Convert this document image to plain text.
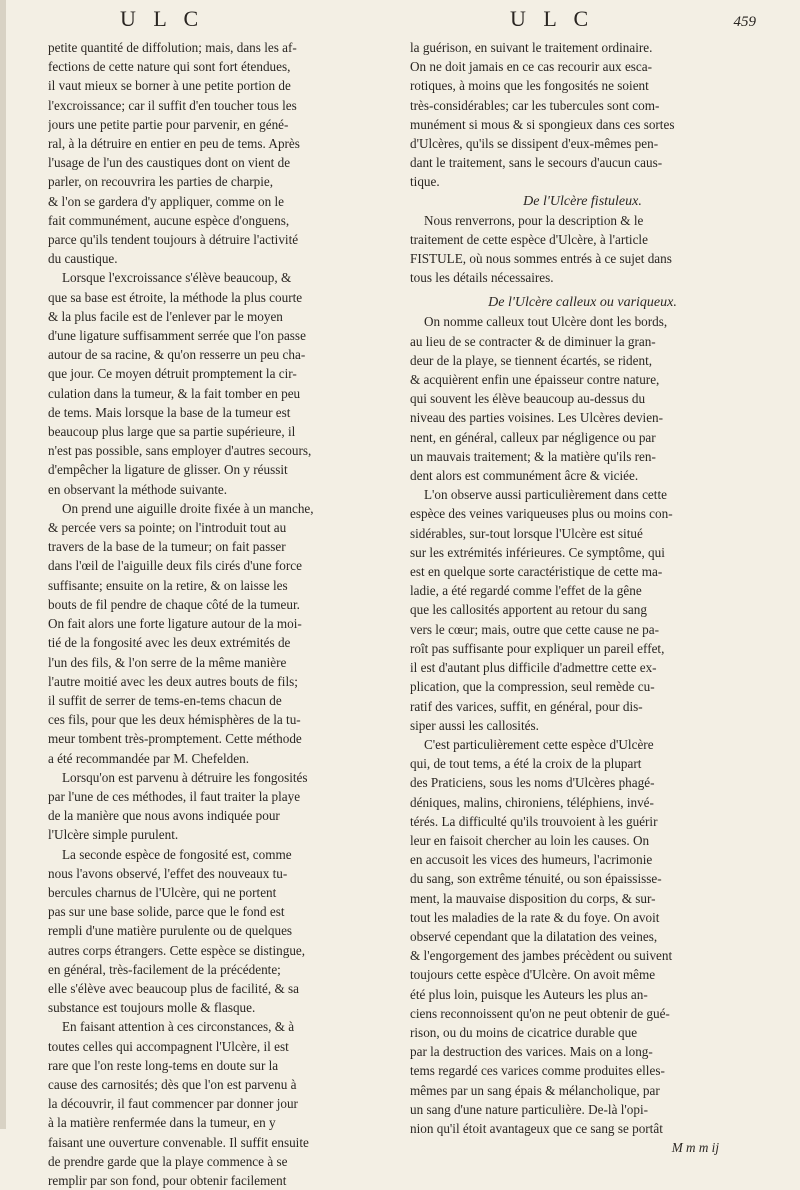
U L C	U L C	459
petite quantité de diffolution; mais, dans les af-
fections de cette nature qui sont fort étendues,
il vaut mieux se borner à une petite portion de
l'excroissance; car il suffit d'en toucher tous les
jours une petite partie pour parvenir, en géné-
ral, à la détruire en entier en peu de tems. Après
l'usage de l'un des caustiques dont on vient de
parler, on recouvrira les parties de charpie,
& l'on se gardera d'y appliquer, comme on le
fait communément, aucune espèce d'onguens,
parce qu'ils tendent toujours à détruire l'activité
du caustique.
Lorsque l'excroissance s'élève beaucoup, &
que sa base est étroite, la méthode la plus courte
& la plus facile est de l'enlever par le moyen
d'une ligature suffisamment serrée que l'on passe
autour de sa racine, & qu'on resserre un peu cha-
que jour. Ce moyen détruit promptement la cir-
culation dans la tumeur, & la fait tomber en peu
de tems. Mais lorsque la base de la tumeur est
beaucoup plus large que sa partie supérieure, il
n'est pas possible, sans employer d'autres secours,
d'empêcher la ligature de glisser. On y réussit
en observant la méthode suivante.
On prend une aiguille droite fixée à un manche,
& percée vers sa pointe; on l'introduit tout au
travers de la base de la tumeur; on fait passer
dans l'œil de l'aiguille deux fils cirés d'une force
suffisante; ensuite on la retire, & on laisse les
bouts de fil pendre de chaque côté de la tumeur.
On fait alors une forte ligature autour de la moi-
tié de la fongosité avec les deux extrémités de
l'un des fils, & l'on serre de la même manière
l'autre moitié avec les deux autres bouts de fils;
il suffit de serrer de tems-en-tems chacun de
ces fils, pour que les deux hémisphères de la tu-
meur tombent très-promptement. Cette méthode
a été recommandée par M. Chefelden.
Lorsqu'on est parvenu à détruire les fongosités
par l'une de ces méthodes, il faut traiter la playe
de la manière que nous avons indiquée pour
l'Ulcère simple purulent.
La seconde espèce de fongosité est, comme
nous l'avons observé, l'effet des nouveaux tu-
bercules charnus de l'Ulcère, qui ne portent
pas sur une base solide, parce que le fond est
rempli d'une matière purulente ou de quelques
autres corps étrangers. Cette espèce se distingue,
en général, très-facilement de la précédente;
elle s'élève avec beaucoup plus de facilité, & sa
substance est toujours molle & flasque.
En faisant attention à ces circonstances, & à
toutes celles qui accompagnent l'Ulcère, il est
rare que l'on reste long-tems en doute sur la
cause des carnosités; dès que l'on est parvenu à
la découvrir, il faut commencer par donner jour
à la matière renfermée dans la tumeur, en y
faisant une ouverture convenable. Il suffit ensuite
de prendre garde que la playe commence à se
remplir par son fond, pour obtenir facilement
la guérison, en suivant le traitement ordinaire.
On ne doit jamais en ce cas recourir aux esca-
rotiques, à moins que les fongosités ne soient
très-considérables; car les tubercules sont com-
munément si mous & si spongieux dans ces sortes
d'Ulcères, qu'ils se dissipent d'eux-mêmes pen-
dant le traitement, sans le secours d'aucun caus-
tique.
De l'Ulcère fistuleux.
Nous renverrons, pour la description & le
traitement de cette espèce d'Ulcère, à l'article
FISTULE, où nous sommes entrés à ce sujet dans
tous les détails nécessaires.
De l'Ulcère calleux ou variqueux.
On nomme calleux tout Ulcère dont les bords,
au lieu de se contracter & de diminuer la gran-
deur de la playe, se tiennent écartés, se rident,
& acquièrent enfin une épaisseur contre nature,
qui souvent les élève beaucoup au-dessus du
niveau des parties voisines. Les Ulcères devien-
nent, en général, calleux par négligence ou par
un mauvais traitement; & la matière qu'ils ren-
dent alors est communément âcre & viciée.
L'on observe aussi particulièrement dans cette
espèce des veines variqueuses plus ou moins con-
sidérables, sur-tout lorsque l'Ulcère est situé
sur les extrémités inférieures. Ce symptôme, qui
est en quelque sorte caractéristique de cette ma-
ladie, a été regardé comme l'effet de la gêne
que les callosités apportent au retour du sang
vers le cœur; mais, outre que cette cause ne pa-
roît pas suffisante pour expliquer un pareil effet,
il est d'autant plus difficile d'admettre cette ex-
plication, que la compression, seul remède cu-
ratif des varices, suffit, en général, pour dis-
siper aussi les callosités.
C'est particulièrement cette espèce d'Ulcère
qui, de tout tems, a été la croix de la plupart
des Praticiens, sous les noms d'Ulcères phagé-
déniques, malins, chironiens, téléphiens, invé-
térés. La difficulté qu'ils trouvoient à les guérir
leur en faisoit chercher au loin les causes. On
en accusoit les vices des humeurs, l'acrimonie
du sang, son extrême ténuité, ou son épaississe-
ment, la mauvaise disposition du corps, & sur-
tout les maladies de la rate & du foye. On avoit
observé cependant que la dilatation des veines,
& l'engorgement des jambes précèdent ou suivent
toujours cette espèce d'Ulcère. On avoit même
été plus loin, puisque les Auteurs les plus an-
ciens reconnoissent qu'on ne peut obtenir de gué-
rison, ou du moins de cicatrice durable que
par la destruction des varices. Mais on a long-
tems regardé ces varices comme produites elles-
mêmes par un sang épais & mélancholique, par
un sang d'une nature particulière. De-là l'opi-
nion qu'il étoit avantageux que ce sang se portât
M m m ij
